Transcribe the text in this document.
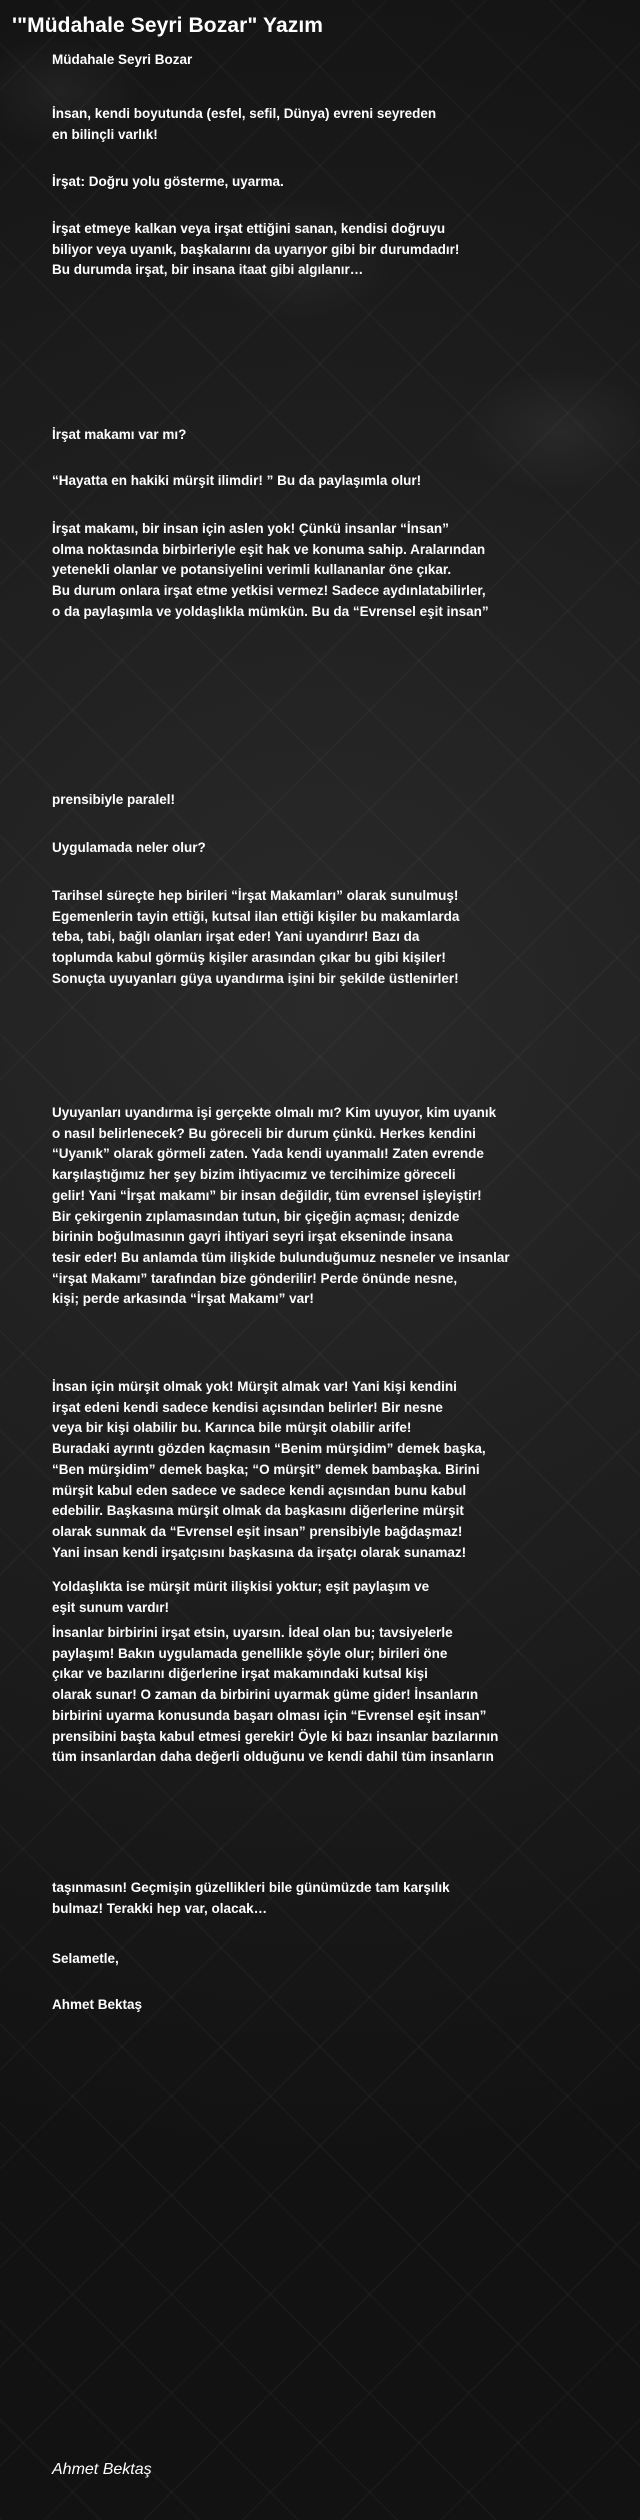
'"Müdahale Seyri Bozar" Yazım
Müdahale Seyri Bozar
İnsan, kendi boyutunda (esfel, sefil, Dünya) evreni seyreden
en bilinçli varlık!
İrşat: Doğru yolu gösterme, uyarma.
İrşat etmeye kalkan veya irşat ettiğini sanan, kendisi doğruyu
biliyor veya uyanık, başkalarını da uyarıyor gibi bir durumdadır!
Bu durumda irşat, bir insana itaat gibi algılanır…
İrşat makamı var mı?
“Hayatta en hakiki mürşit ilimdir! ” Bu da paylaşımla olur!
İrşat makamı, bir insan için aslen yok! Çünkü insanlar “İnsan”
olma noktasında birbirleriyle eşit hak ve konuma sahip. Aralarından
yetenekli olanlar ve potansiyelini verimli kullananlar öne çıkar.
Bu durum onlara irşat etme yetkisi vermez! Sadece aydınlatabilirler,
o da paylaşımla ve yoldaşlıkla mümkün. Bu da “Evrensel eşit insan”
prensibiyle paralel!
Uygulamada neler olur?
Tarihsel süreçte hep birileri “İrşat Makamları” olarak sunulmuş!
Egemenlerin tayin ettiği, kutsal ilan ettiği kişiler bu makamlarda
teba, tabi, bağlı olanları irşat eder! Yani uyandırır! Bazı da
toplumda kabul görmüş kişiler arasından çıkar bu gibi kişiler!
Sonuçta uyuyanları güya uyandırma işini bir şekilde üstlenirler!
Uyuyanları uyandırma işi gerçekte olmalı mı? Kim uyuyor, kim uyanık
o nasıl belirlenecek? Bu göreceli bir durum çünkü. Herkes kendini
“Uyanık” olarak görmeli zaten. Yada kendi uyanmalı! Zaten evrende
karşılaştığımız her şey bizim ihtiyacımız ve tercihimize göreceli
gelir! Yani “İrşat makamı” bir insan değildir, tüm evrensel işleyiştir!
Bir çekirgenin zıplamasından tutun, bir çiçeğin açması; denizde
birinin boğulmasının gayri ihtiyari seyri irşat ekseninde insana
tesir eder! Bu anlamda tüm ilişkide bulunduğumuz nesneler ve insanlar
“irşat Makamı” tarafından bize gönderilir! Perde önünde nesne,
kişi; perde arkasında “İrşat Makamı” var!
İnsan için mürşit olmak yok! Mürşit almak var! Yani kişi kendini
irşat edeni kendi sadece kendisi açısından belirler! Bir nesne
veya bir kişi olabilir bu. Karınca bile mürşit olabilir arife!
Buradaki ayrıntı gözden kaçmasın “Benim mürşidim” demek başka,
“Ben mürşidim” demek başka; “O mürşit” demek bambaşka. Birini
mürşit kabul eden sadece ve sadece kendi açısından bunu kabul
edebilir. Başkasına mürşit olmak da başkasını diğerlerine mürşit
olarak sunmak da “Evrensel eşit insan” prensibiyle bağdaşmaz!
Yani insan kendi irşatçısını başkasına da irşatçı olarak sunamaz!
Yoldaşlıkta ise mürşit mürit ilişkisi yoktur; eşit paylaşım ve
eşit sunum vardır!
İnsanlar birbirini irşat etsin, uyarsın. İdeal olan bu; tavsiyelerle
paylaşım! Bakın uygulamada genellikle şöyle olur; birileri öne
çıkar ve bazılarını diğerlerine irşat makamındaki kutsal kişi
olarak sunar! O zaman da birbirini uyarmak güme gider! İnsanların
birbirini uyarma konusunda başarı olması için “Evrensel eşit insan”
prensibini başta kabul etmesi gerekir! Öyle ki bazı insanlar bazılarının
tüm insanlardan daha değerli olduğunu ve kendi dahil tüm insanların
taşınmasın! Geçmişin güzellikleri bile günümüzde tam karşılık
bulmaz! Terakki hep var, olacak…
Selametle,
Ahmet Bektaş
Ahmet Bektaş
